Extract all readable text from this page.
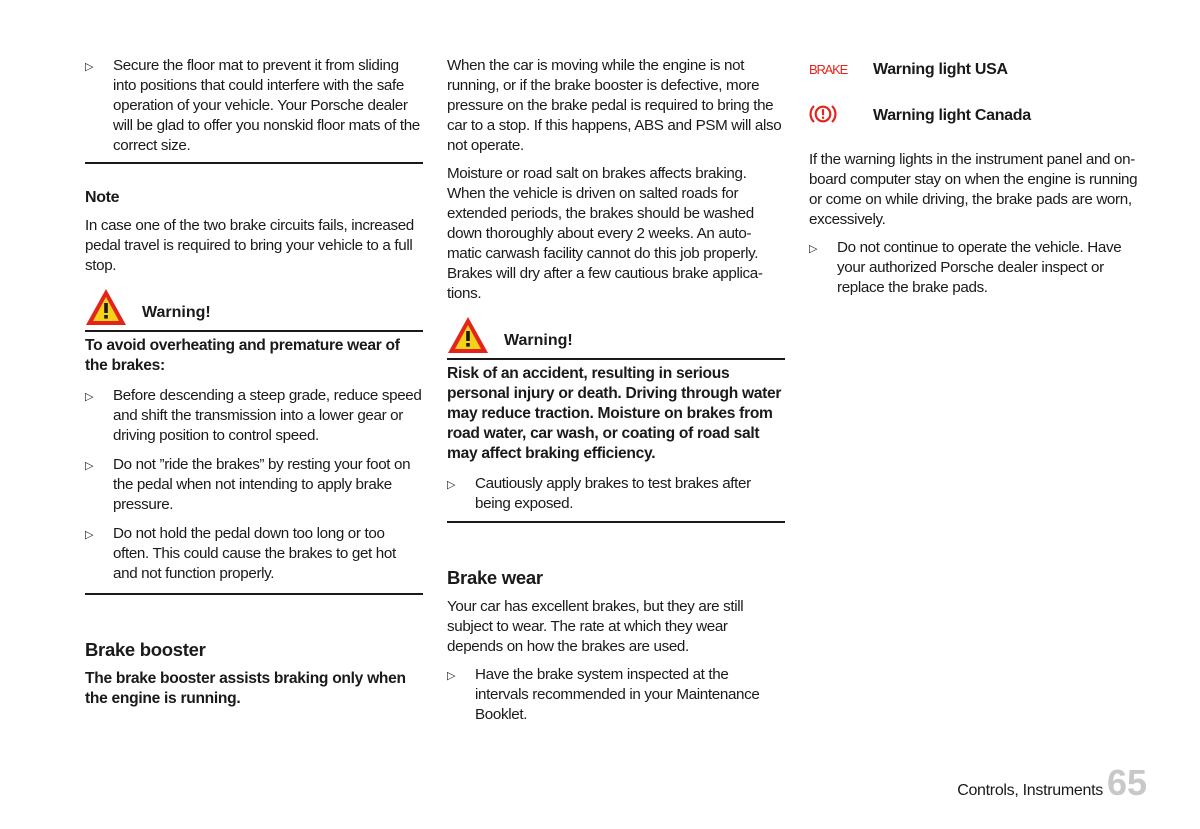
▷	Secure the floor mat to prevent it from sliding into positions that could interfere with the safe operation of your vehicle. Your Porsche dealer will be glad to offer you nonskid floor mats of the correct size.

Note

In case one of the two brake circuits fails, increased pedal travel is required to bring your vehicle to a full stop.

Warning!

To avoid overheating and premature wear of the brakes:

▷	Before descending a steep grade, reduce speed and shift the transmission into a lower gear or driving position to control speed.
▷	Do not ”ride the brakes” by resting your foot on the pedal when not intending to apply brake pressure.
▷	Do not hold the pedal down too long or too often. This could cause the brakes to get hot and not function properly.

Brake booster

The brake booster assists braking only when the engine is running.

When the car is moving while the engine is not running, or if the brake booster is defective, more pressure on the brake pedal is required to bring the car to a stop. If this happens, ABS and PSM will also not operate.

Moisture or road salt on brakes affects braking. When the vehicle is driven on salted roads for extended periods, the brakes should be washed down thoroughly about every 2 weeks. An auto-matic carwash facility cannot do this job properly. Brakes will dry after a few cautious brake applica-tions.

Warning!

Risk of an accident, resulting in serious personal injury or death. Driving through water may reduce traction. Moisture on brakes from road water, car wash, or coating of road salt may affect braking efficiency.

▷	Cautiously apply brakes to test brakes after being exposed.

Brake wear

Your car has excellent brakes, but they are still subject to wear. The rate at which they wear depends on how the brakes are used.

▷	Have the brake system inspected at the intervals recommended in your Maintenance Booklet.
BRAKE	Warning light USA
Warning light Canada

If the warning lights in the instrument panel and on-board computer stay on when the engine is running or come on while driving, the brake pads are worn, excessively.

▷	Do not continue to operate the vehicle. Have your authorized Porsche dealer inspect or replace the brake pads.
Controls, Instruments 65
